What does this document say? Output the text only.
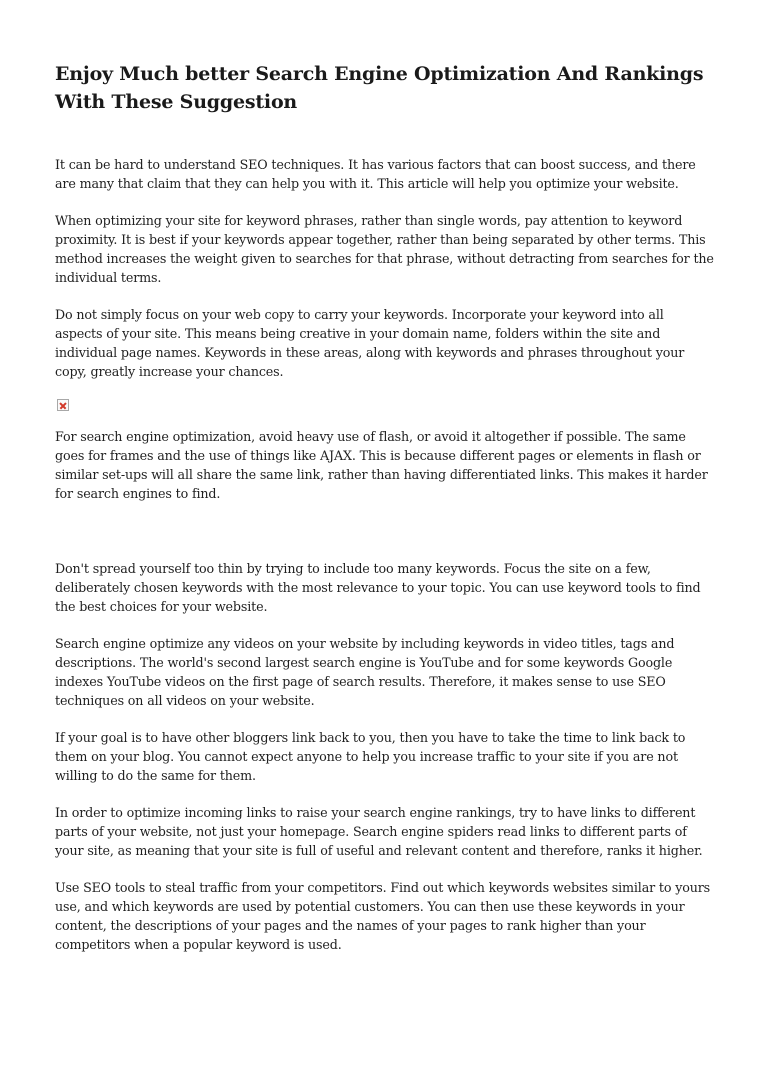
Enjoy Much better Search Engine Optimization And Rankings With These Suggestion

It can be hard to understand SEO techniques. It has various factors that can boost success, and there are many that claim that they can help you with it. This article will help you optimize your website.

When optimizing your site for keyword phrases, rather than single words, pay attention to keyword proximity. It is best if your keywords appear together, rather than being separated by other terms. This method increases the weight given to searches for that phrase, without detracting from searches for the individual terms.

Do not simply focus on your web copy to carry your keywords. Incorporate your keyword into all aspects of your site. This means being creative in your domain name, folders within the site and individual page names. Keywords in these areas, along with keywords and phrases throughout your copy, greatly increase your chances.

For search engine optimization, avoid heavy use of flash, or avoid it altogether if possible. The same goes for frames and the use of things like AJAX. This is because different pages or elements in flash or similar set-ups will all share the same link, rather than having differentiated links. This makes it harder for search engines to find.

Don't spread yourself too thin by trying to include too many keywords. Focus the site on a few, deliberately chosen keywords with the most relevance to your topic. You can use keyword tools to find the best choices for your website.

Search engine optimize any videos on your website by including keywords in video titles, tags and descriptions. The world's second largest search engine is YouTube and for some keywords Google indexes YouTube videos on the first page of search results. Therefore, it makes sense to use SEO techniques on all videos on your website.

If your goal is to have other bloggers link back to you, then you have to take the time to link back to them on your blog. You cannot expect anyone to help you increase traffic to your site if you are not willing to do the same for them.

In order to optimize incoming links to raise your search engine rankings, try to have links to different parts of your website, not just your homepage. Search engine spiders read links to different parts of your site, as meaning that your site is full of useful and relevant content and therefore, ranks it higher.

Use SEO tools to steal traffic from your competitors. Find out which keywords websites similar to yours use, and which keywords are used by potential customers. You can then use these keywords in your content, the descriptions of your pages and the names of your pages to rank higher than your competitors when a popular keyword is used.
